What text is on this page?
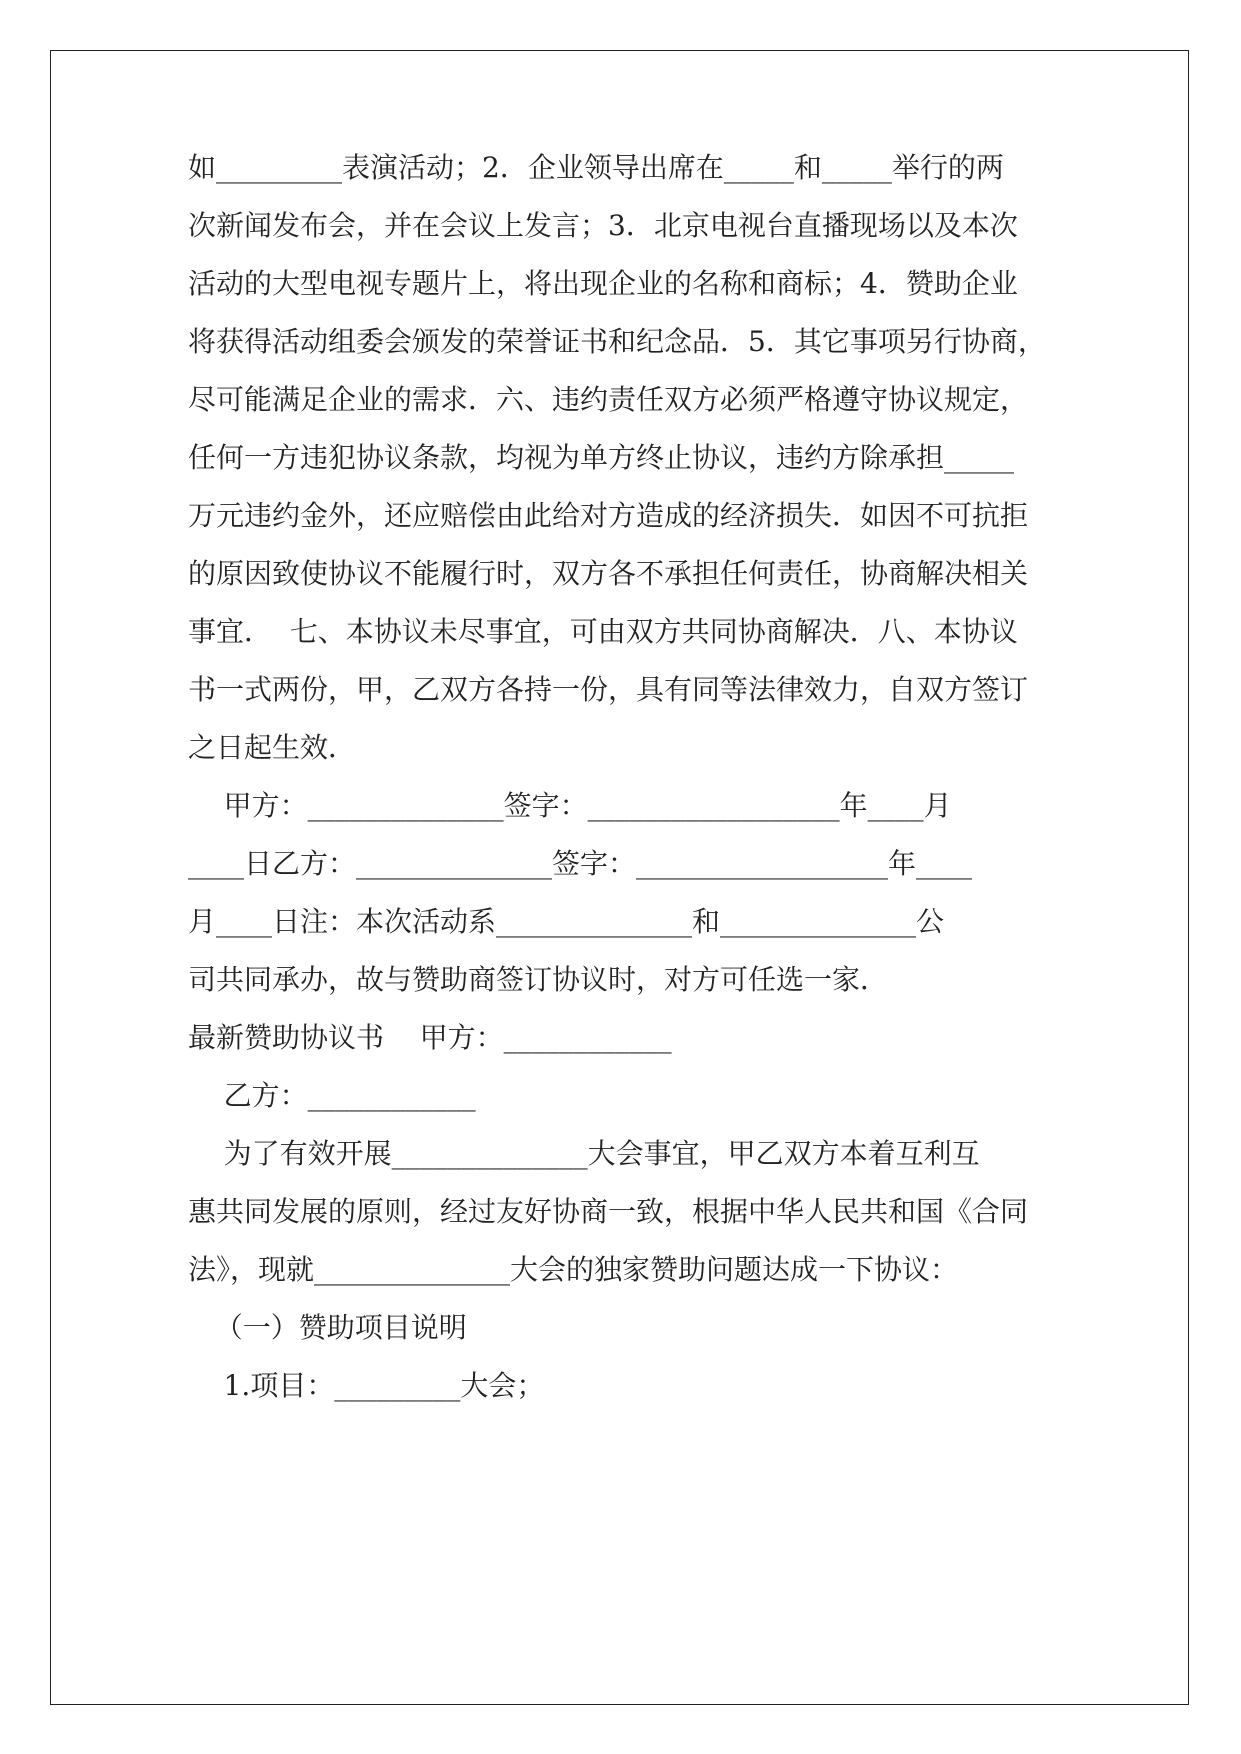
如_________表演活动；2．企业领导出席在_____和_____举行的两

次新闻发布会，并在会议上发言；3．北京电视台直播现场以及本次

活动的大型电视专题片上，将出现企业的名称和商标；4．赞助企业

将获得活动组委会颁发的荣誉证书和纪念品．5．其它事项另行协商，

尽可能满足企业的需求．六、违约责任双方必须严格遵守协议规定，

任何一方违犯协议条款，均视为单方终止协议，违约方除承担_____

万元违约金外，还应赔偿由此给对方造成的经济损失．如因不可抗拒

的原因致使协议不能履行时，双方各不承担任何责任，协商解决相关

事宜．  七、本协议未尽事宜，可由双方共同协商解决．八、本协议

书一式两份，甲，乙双方各持一份，具有同等法律效力，自双方签订

之日起生效．

甲方：______________签字：__________________年____月

____日乙方：______________签字：__________________年____

月____日注：本次活动系______________和______________公

司共同承办，故与赞助商签订协议时，对方可任选一家．

最新赞助协议书    甲方：____________

乙方：____________

为了有效开展______________大会事宜，甲乙双方本着互利互

惠共同发展的原则，经过友好协商一致，根据中华人民共和国《合同

法》，现就______________大会的独家赞助问题达成一下协议：

（一）赞助项目说明

1.项目：_________大会；
